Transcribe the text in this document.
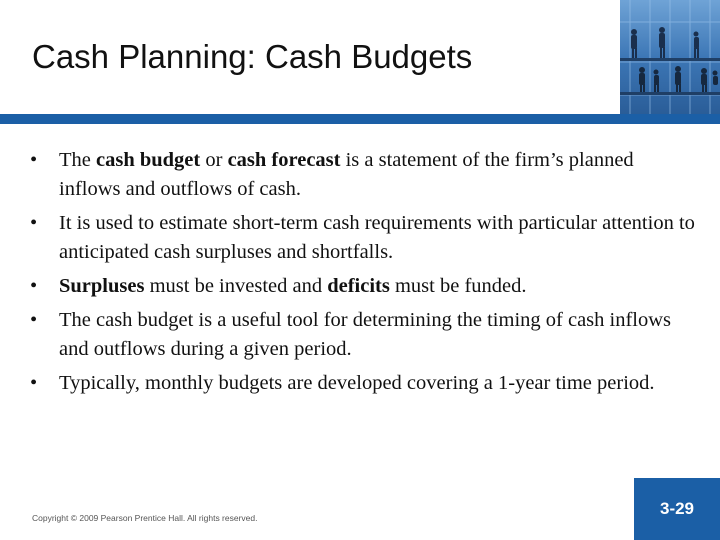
Cash Planning: Cash Budgets
• The cash budget or cash forecast is a statement of the firm’s planned inflows and outflows of cash.
• It is used to estimate short-term cash requirements with particular attention to anticipated cash surpluses and shortfalls.
• Surpluses must be invested and deficits must be funded.
• The cash budget is a useful tool for determining the timing of cash inflows and outflows during a given period.
• Typically, monthly budgets are developed covering a 1-year time period.
Copyright © 2009 Pearson Prentice Hall. All rights reserved.	3-29
